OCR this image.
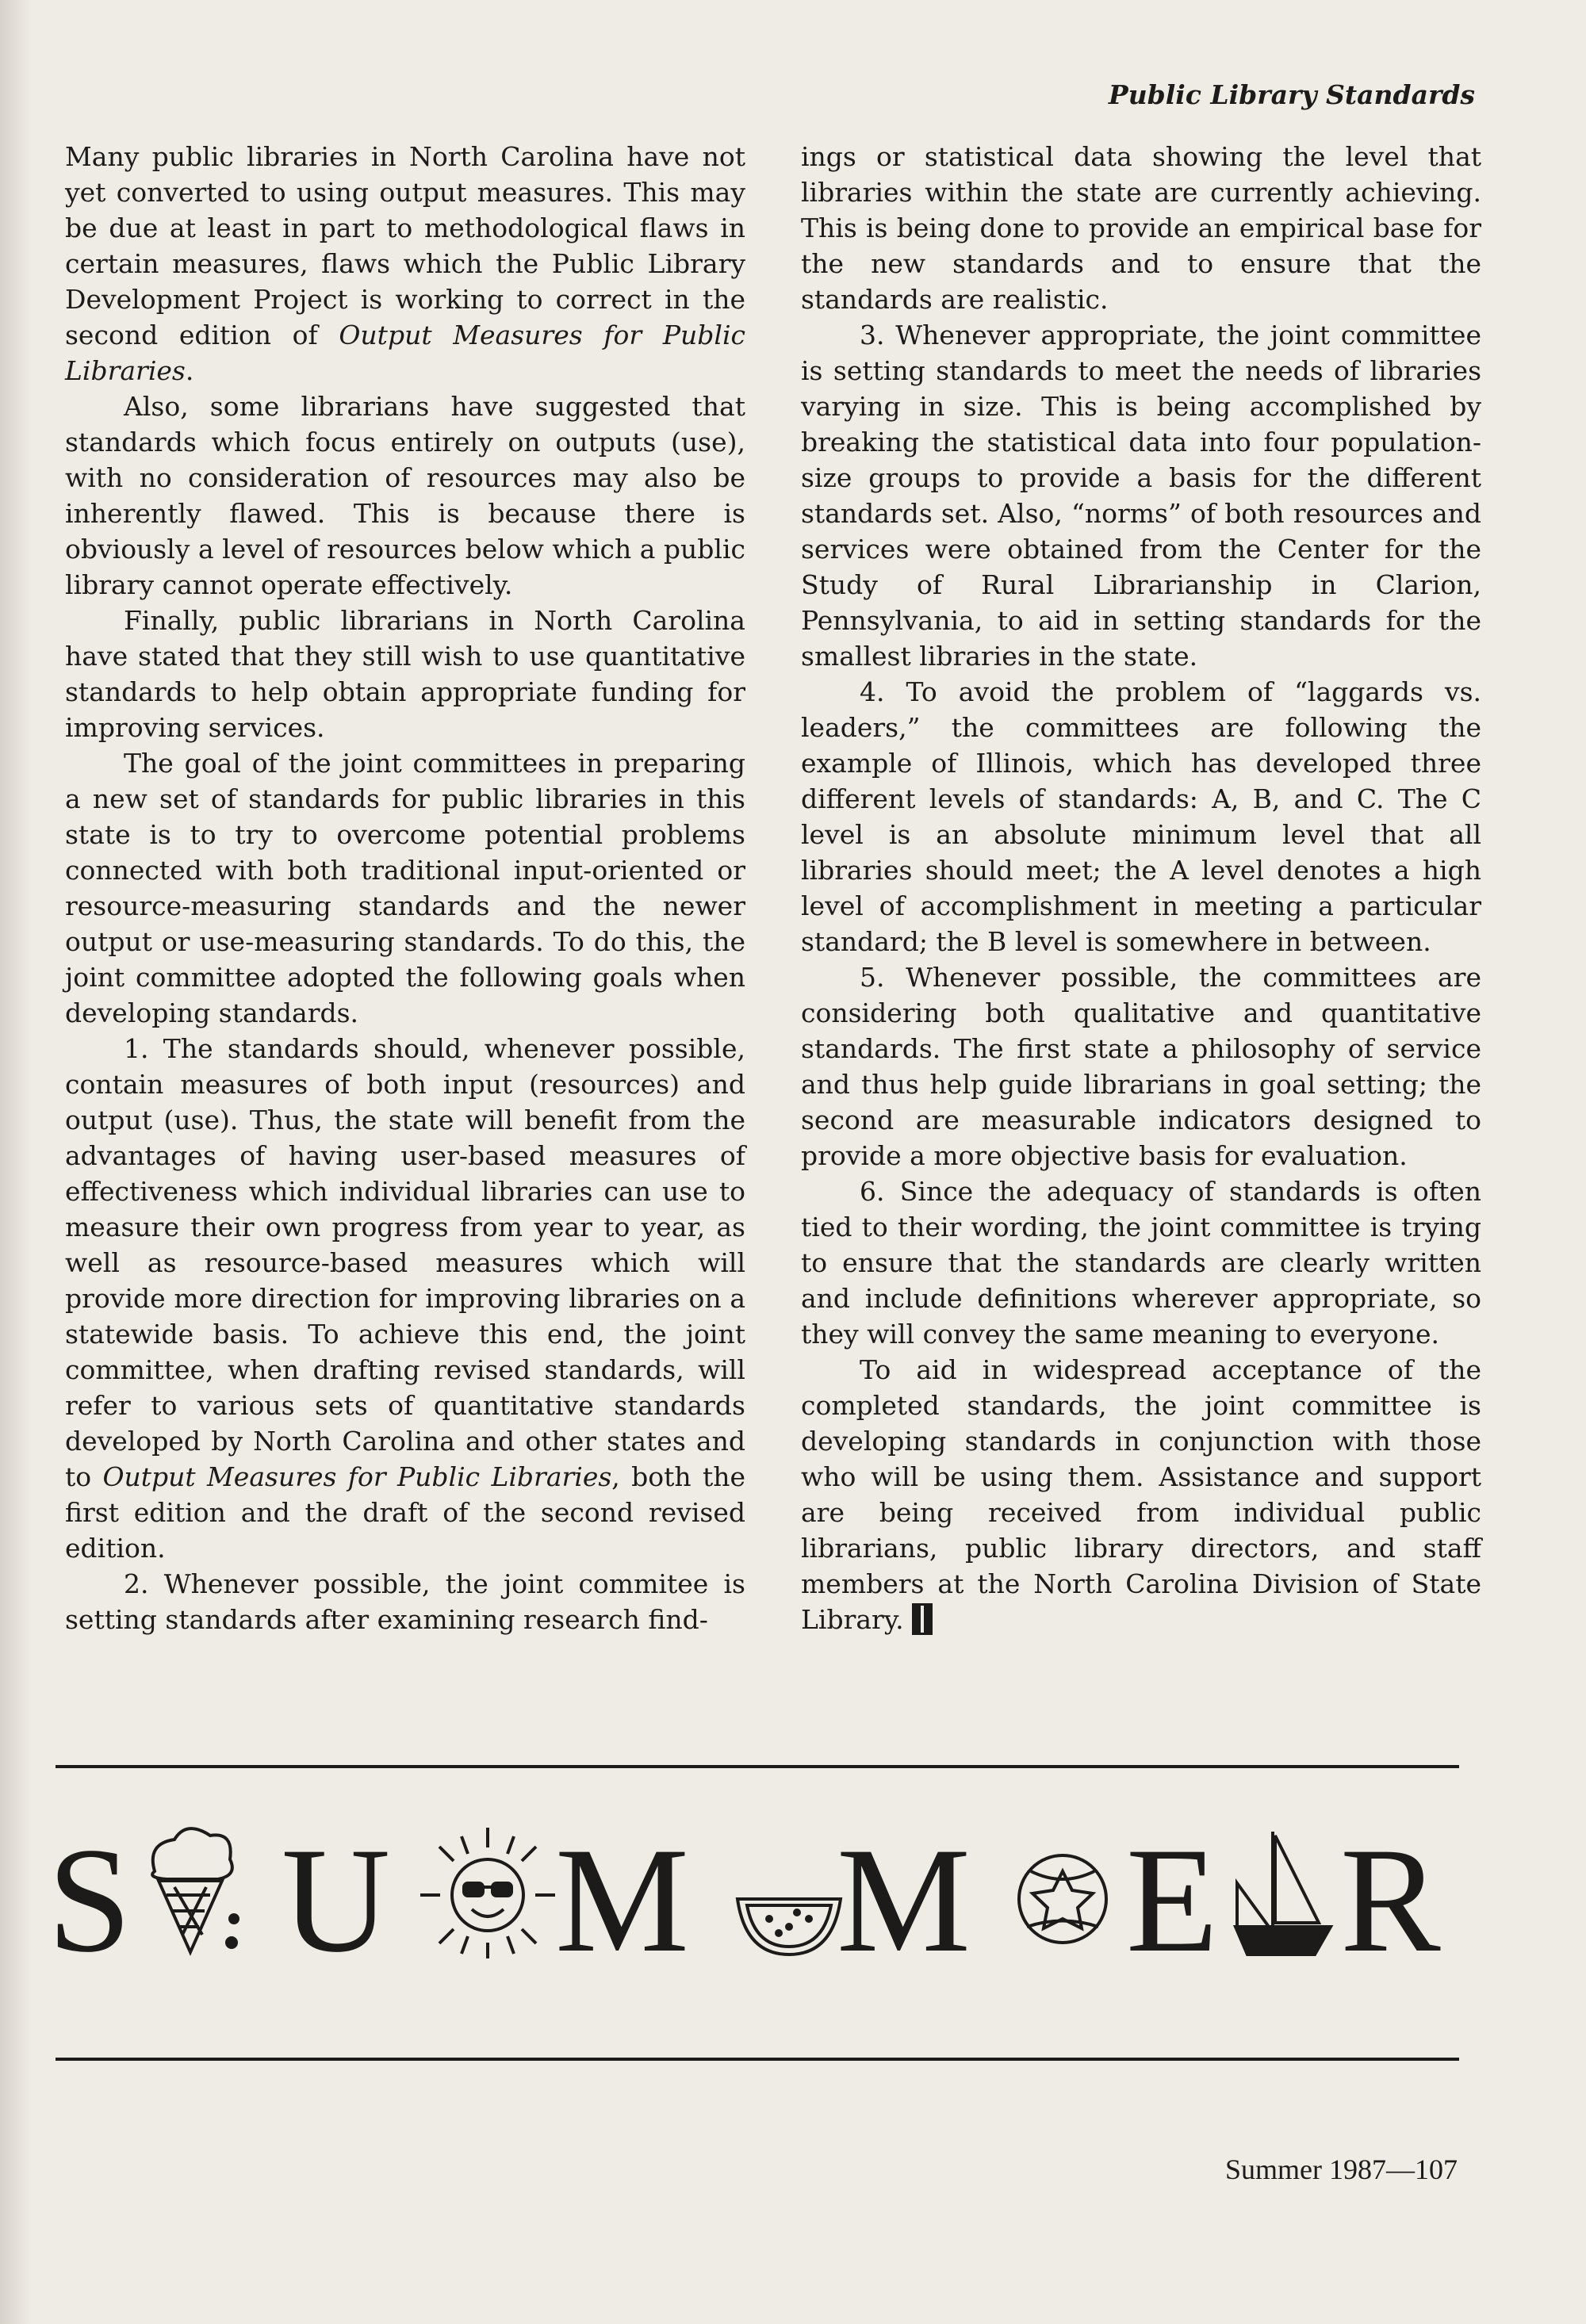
Public Library Standards

Many public libraries in North Carolina have not yet converted to using output measures. This may be due at least in part to methodological flaws in certain measures, flaws which the Public Library Development Project is working to correct in the second edition of Output Measures for Public Libraries.

Also, some librarians have suggested that standards which focus entirely on outputs (use), with no consideration of resources may also be inherently flawed. This is because there is obviously a level of resources below which a public library cannot operate effectively.

Finally, public librarians in North Carolina have stated that they still wish to use quantitative standards to help obtain appropriate funding for improving services.

The goal of the joint committees in preparing a new set of standards for public libraries in this state is to try to overcome potential problems connected with both traditional input-oriented or resource-measuring standards and the newer output or use-measuring standards. To do this, the joint committee adopted the following goals when developing standards.

1. The standards should, whenever possible, contain measures of both input (resources) and output (use). Thus, the state will benefit from the advantages of having user-based measures of effectiveness which individual libraries can use to measure their own progress from year to year, as well as resource-based measures which will provide more direction for improving libraries on a statewide basis. To achieve this end, the joint committee, when drafting revised standards, will refer to various sets of quantitative standards developed by North Carolina and other states and to Output Measures for Public Libraries, both the first edition and the draft of the second revised edition.

2. Whenever possible, the joint commitee is setting standards after examining research find-

ings or statistical data showing the level that libraries within the state are currently achieving. This is being done to provide an empirical base for the new standards and to ensure that the standards are realistic.

3. Whenever appropriate, the joint committee is setting standards to meet the needs of libraries varying in size. This is being accomplished by breaking the statistical data into four population-size groups to provide a basis for the different standards set. Also, “norms” of both resources and services were obtained from the Center for the Study of Rural Librarianship in Clarion, Pennsylvania, to aid in setting standards for the smallest libraries in the state.

4. To avoid the problem of “laggards vs. leaders,” the committees are following the example of Illinois, which has developed three different levels of standards: A, B, and C. The C level is an absolute minimum level that all libraries should meet; the A level denotes a high level of accomplishment in meeting a particular standard; the B level is somewhere in between.

5. Whenever possible, the committees are considering both qualitative and quantitative standards. The first state a philosophy of service and thus help guide librarians in goal setting; the second are measurable indicators designed to provide a more objective basis for evaluation.

6. Since the adequacy of standards is often tied to their wording, the joint committee is trying to ensure that the standards are clearly written and include definitions wherever appropriate, so they will convey the same meaning to everyone.

To aid in widespread acceptance of the completed standards, the joint committee is developing standards in conjunction with those who will be using them. Assistance and support are being received from individual public librarians, public library directors, and staff members at the North Carolina Division of State Library.

S U M M E R

Summer 1987—107
